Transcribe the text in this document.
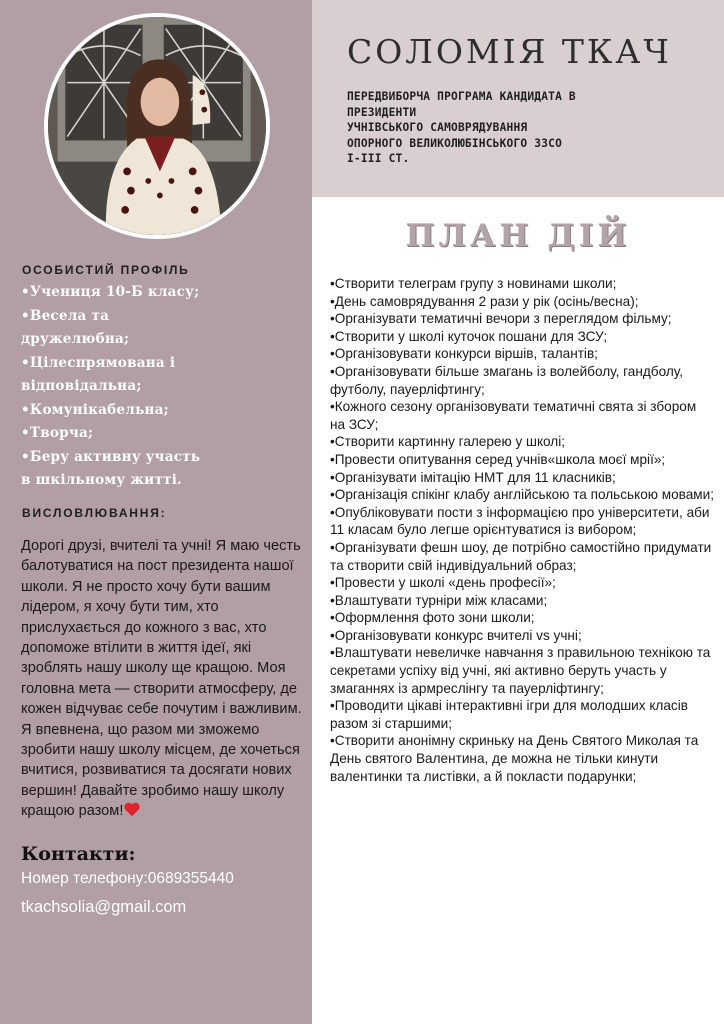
СОЛОМІЯ ТКАЧ
ПЕРЕДВИБОРЧА ПРОГРАМА КАНДИДАТА В
ПРЕЗИДЕНТИ
УЧНІВСЬКОГО САМОВРЯДУВАННЯ
ОПОРНОГО ВЕЛИКОЛЮБІНСЬКОГО ЗЗСО
І-ІІІ СТ.
ПЛАН ДІЙ
•Створити телеграм групу з новинами школи;
•День самоврядування 2 рази у рік (осінь/весна);
•Організувати тематичні вечори з переглядом фільму;
•Створити у школі куточок пошани для ЗСУ;
•Організовувати конкурси віршів, талантів;
•Організовувати більше змагань із волейболу, гандболу, футболу, пауерліфтингу;
•Кожного сезону організовувати тематичні свята зі збором на ЗСУ;
•Створити картинну галерею у школі;
•Провести опитування серед учнів«школа моєї мрії»;
•Організувати імітацію НМТ для 11 класників;
•Організація спікінг клабу англійською та польською мовами;
•Опубліковувати пости з інформацією про університети, аби 11 класам було легше орієнтуватися із вибором;
•Організувати фешн шоу, де потрібно самостійно придумати та створити свій індивідуальний образ;
•Провести у школі «день професії»;
•Влаштувати турніри між класами;
•Оформлення фото зони школи;
•Організовувати конкурс вчителі vs учні;
•Влаштувати невеличке навчання з правильною технікою та секретами успіху від учні, які активно беруть участь у змаганнях із армреслінгу та пауерліфтингу;
•Проводити цікаві інтерактивні ігри для молодших класів разом зі старшими;
•Створити анонімну скриньку на День Святого Миколая та День святого Валентина, де можна не тільки кинути валентинки та листівки, а й покласти подарунки;
ОСОБИСТИЙ ПРОФІЛЬ
•Учениця 10-Б класу;
•Весела та
дружелюбна;
•Цілеспрямована і
відповідальна;
•Комунікабельна;
•Творча;
•Беру активну участь
в шкільному житті.
ВИСЛОВЛЮВАННЯ:
Дорогі друзі, вчителі та учні! Я маю честь балотуватися на пост президента нашої школи. Я не просто хочу бути вашим лідером, я хочу бути тим, хто прислухається до кожного з вас, хто допоможе втілити в життя ідеї, які зроблять нашу школу ще кращою. Моя головна мета — створити атмосферу, де кожен відчуває себе почутим і важливим. Я впевнена, що разом ми зможемо зробити нашу школу місцем, де хочеться вчитися, розвиватися та досягати нових вершин! Давайте зробимо нашу школу кращою разом!
Контакти:
Номер телефону:0689355440
tkachsolia@gmail.com
